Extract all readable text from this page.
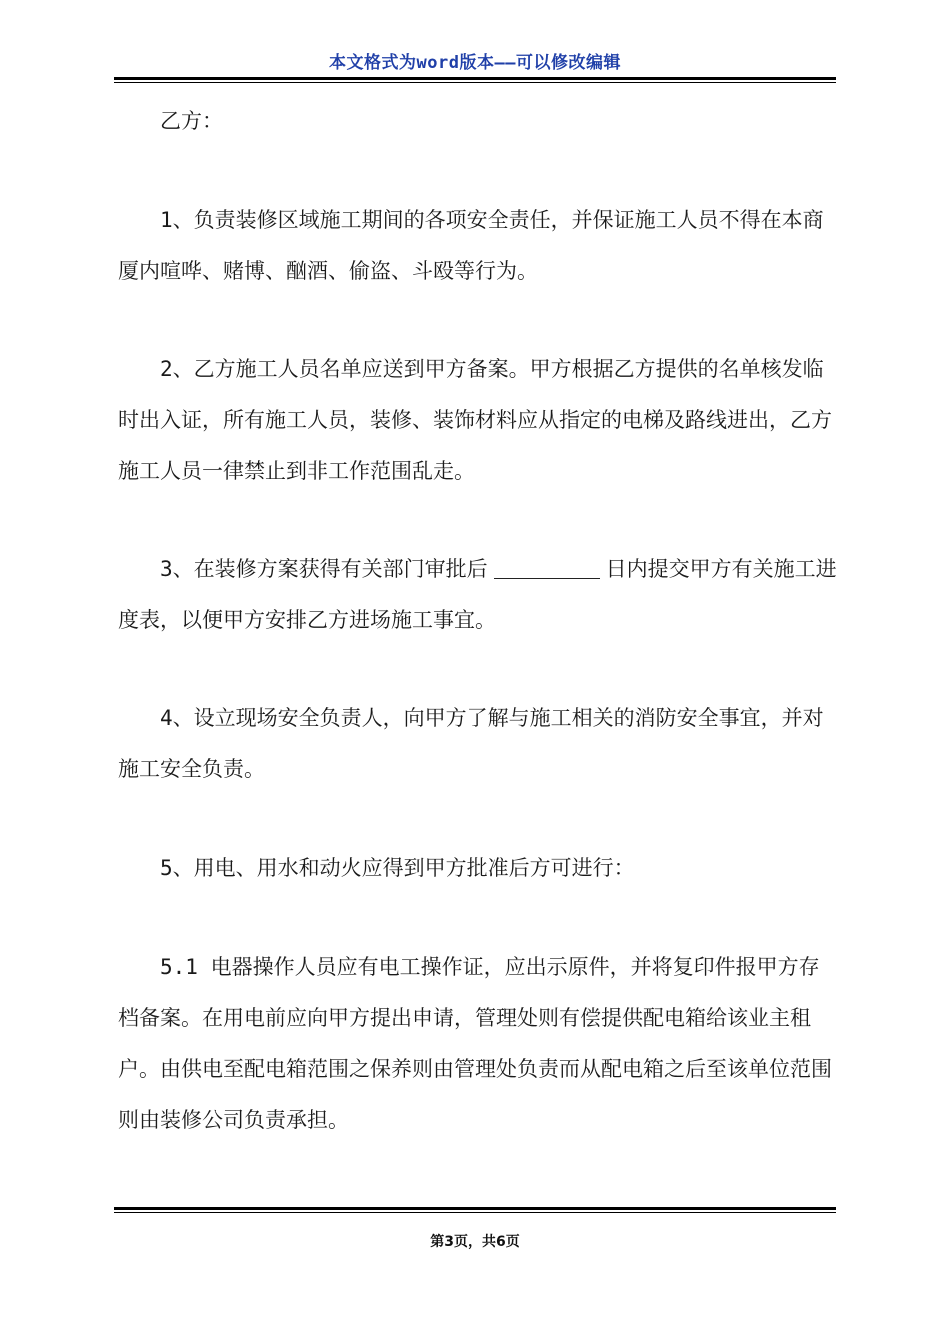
本文格式为word版本——可以修改编辑

乙方：

1、负责装修区域施工期间的各项安全责任，并保证施工人员不得在本商厦内喧哗、赌博、酗酒、偷盗、斗殴等行为。

2、乙方施工人员名单应送到甲方备案。甲方根据乙方提供的名单核发临时出入证，所有施工人员，装修、装饰材料应从指定的电梯及路线进出，乙方施工人员一律禁止到非工作范围乱走。

3、在装修方案获得有关部门审批后	日内提交甲方有关施工进度表，以便甲方安排乙方进场施工事宜。

4、设立现场安全负责人，向甲方了解与施工相关的消防安全事宜，并对施工安全负责。

5、用电、用水和动火应得到甲方批准后方可进行：

5.1 电器操作人员应有电工操作证，应出示原件，并将复印件报甲方存档备案。在用电前应向甲方提出申请，管理处则有偿提供配电箱给该业主租户。由供电至配电箱范围之保养则由管理处负责而从配电箱之后至该单位范围则由装修公司负责承担。

第3页，共6页
